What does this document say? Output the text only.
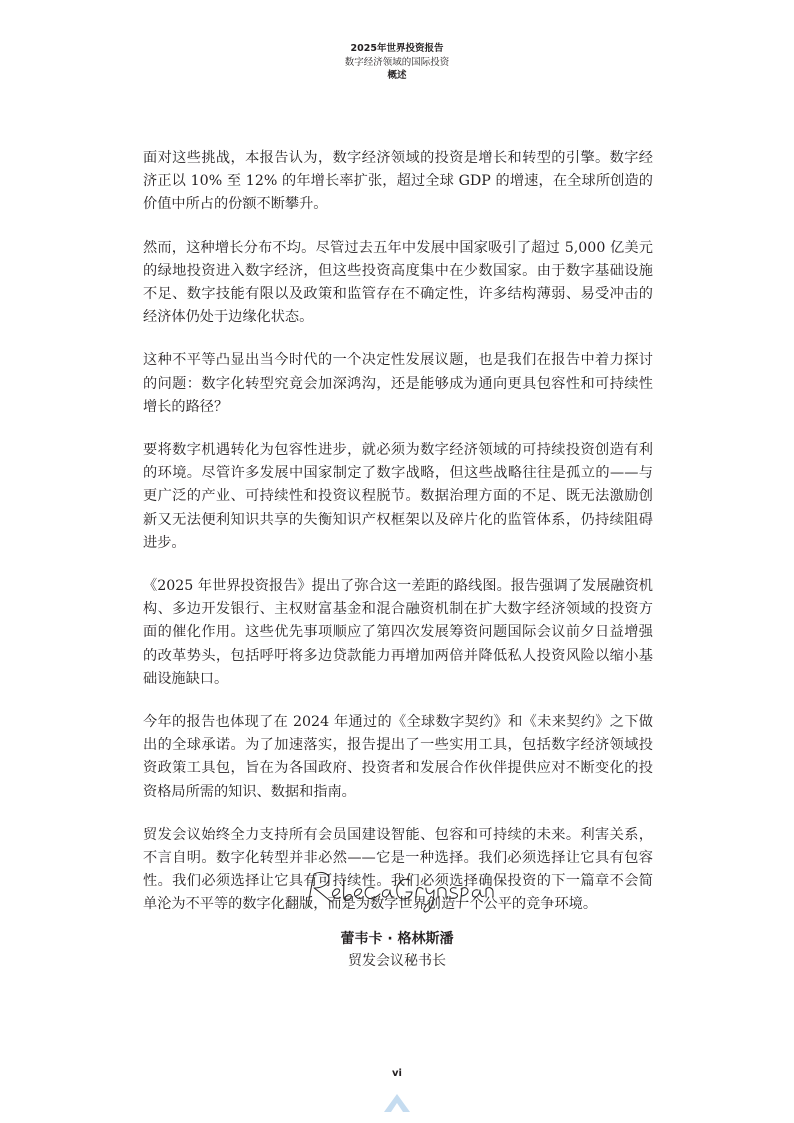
2025年世界投资报告
数字经济领域的国际投资
概述

面对这些挑战，本报告认为，数字经济领域的投资是增长和转型的引擎。数字经济正以 10% 至 12% 的年增长率扩张，超过全球 GDP 的增速，在全球所创造的价值中所占的份额不断攀升。

然而，这种增长分布不均。尽管过去五年中发展中国家吸引了超过 5,000 亿美元的绿地投资进入数字经济，但这些投资高度集中在少数国家。由于数字基础设施不足、数字技能有限以及政策和监管存在不确定性，许多结构薄弱、易受冲击的经济体仍处于边缘化状态。

这种不平等凸显出当今时代的一个决定性发展议题，也是我们在报告中着力探讨的问题：数字化转型究竟会加深鸿沟，还是能够成为通向更具包容性和可持续性增长的路径？

要将数字机遇转化为包容性进步，就必须为数字经济领域的可持续投资创造有利的环境。尽管许多发展中国家制定了数字战略，但这些战略往往是孤立的——与更广泛的产业、可持续性和投资议程脱节。数据治理方面的不足、既无法激励创新又无法便利知识共享的失衡知识产权框架以及碎片化的监管体系，仍持续阻碍进步。

《2025 年世界投资报告》提出了弥合这一差距的路线图。报告强调了发展融资机构、多边开发银行、主权财富基金和混合融资机制在扩大数字经济领域的投资方面的催化作用。这些优先事项顺应了第四次发展筹资问题国际会议前夕日益增强的改革势头，包括呼吁将多边贷款能力再增加两倍并降低私人投资风险以缩小基础设施缺口。

今年的报告也体现了在 2024 年通过的《全球数字契约》和《未来契约》之下做出的全球承诺。为了加速落实，报告提出了一些实用工具，包括数字经济领域投资政策工具包，旨在为各国政府、投资者和发展合作伙伴提供应对不断变化的投资格局所需的知识、数据和指南。

贸发会议始终全力支持所有会员国建设智能、包容和可持续的未来。利害关系，不言自明。数字化转型并非必然——它是一种选择。我们必须选择让它具有包容性。我们必须选择让它具有可持续性。我们必须选择确保投资的下一篇章不会简单沦为不平等的数字化翻版，而是为数字世界创造一个公平的竞争环境。

蕾韦卡 · 格林斯潘
贸发会议秘书长
vi
